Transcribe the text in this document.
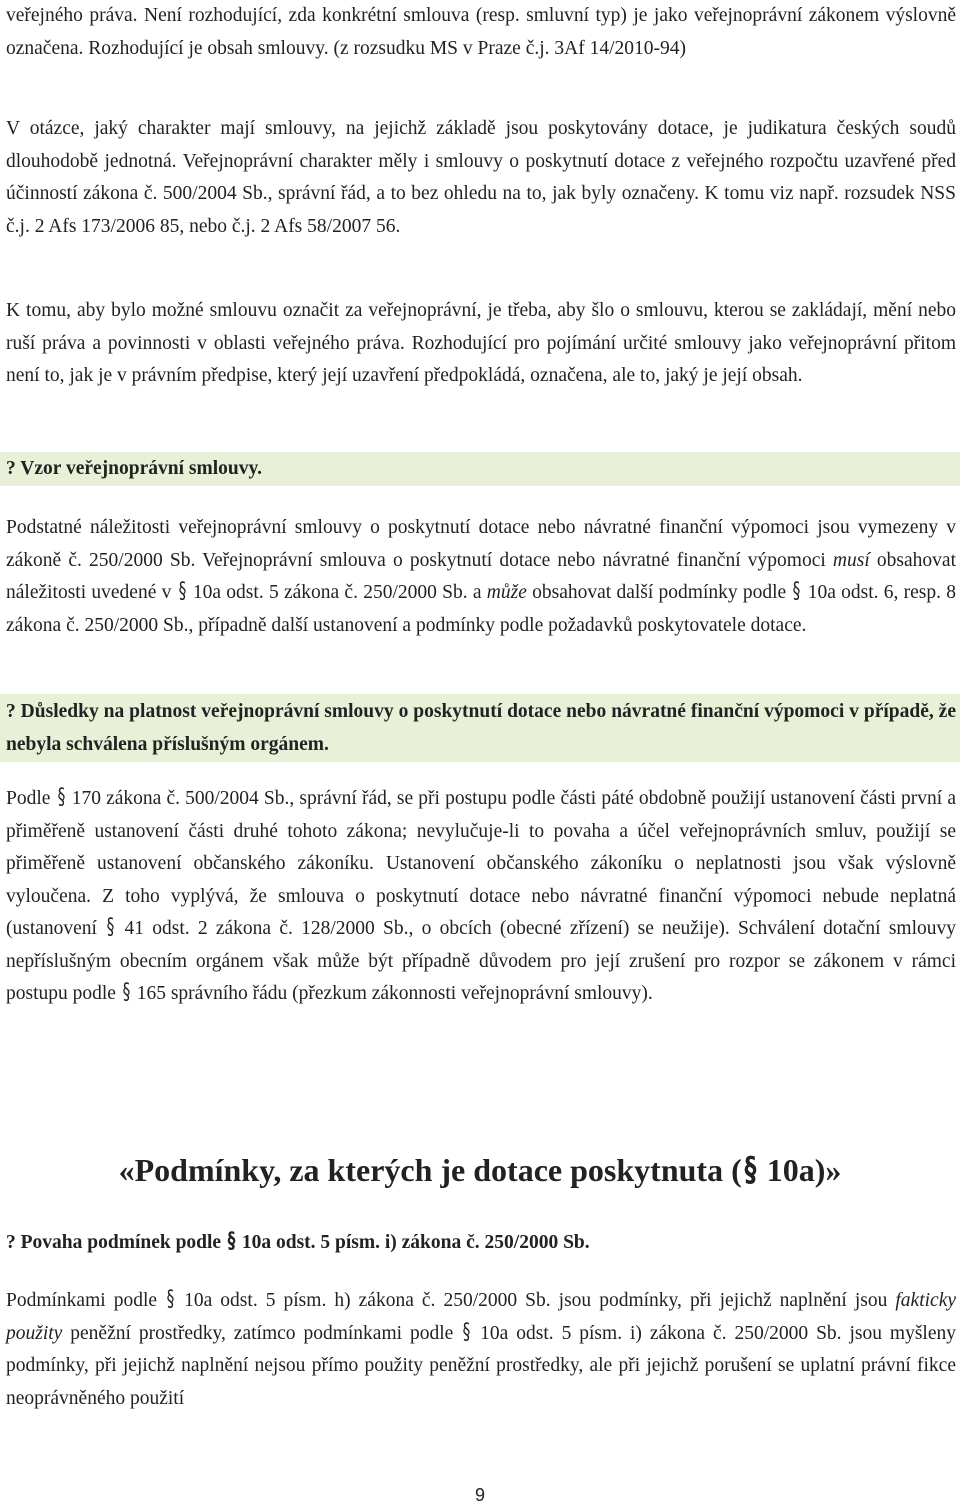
veřejného práva. Není rozhodující, zda konkrétní smlouva (resp. smluvní typ) je jako veřejnoprávní zákonem výslovně označena. Rozhodující je obsah smlouvy. (z rozsudku MS v Praze č.j. 3Af 14/2010-94)

V otázce, jaký charakter mají smlouvy, na jejichž základě jsou poskytovány dotace, je judikatura českých soudů dlouhodobě jednotná. Veřejnoprávní charakter měly i smlouvy o poskytnutí dotace z veřejného rozpočtu uzavřené před účinností zákona č. 500/2004 Sb., správní řád, a to bez ohledu na to, jak byly označeny. K tomu viz např. rozsudek NSS č.j. 2 Afs 173/2006 85, nebo č.j. 2 Afs 58/2007 56.

K tomu, aby bylo možné smlouvu označit za veřejnoprávní, je třeba, aby šlo o smlouvu, kterou se zakládají, mění nebo ruší práva a povinnosti v oblasti veřejného práva. Rozhodující pro pojímání určité smlouvy jako veřejnoprávní přitom není to, jak je v právním předpise, který její uzavření předpokládá, označena, ale to, jaký je její obsah.

? Vzor veřejnoprávní smlouvy.

Podstatné náležitosti veřejnoprávní smlouvy o poskytnutí dotace nebo návratné finanční výpomoci jsou vymezeny v zákoně č. 250/2000 Sb. Veřejnoprávní smlouva o poskytnutí dotace nebo návratné finanční výpomoci musí obsahovat náležitosti uvedené v § 10a odst. 5 zákona č. 250/2000 Sb. a může obsahovat další podmínky podle § 10a odst. 6, resp. 8 zákona č. 250/2000 Sb., případně další ustanovení a podmínky podle požadavků poskytovatele dotace.

? Důsledky na platnost veřejnoprávní smlouvy o poskytnutí dotace nebo návratné finanční výpomoci v případě, že nebyla schválena příslušným orgánem.

Podle § 170 zákona č. 500/2004 Sb., správní řád, se při postupu podle části páté obdobně použijí ustanovení části první a přiměřeně ustanovení části druhé tohoto zákona; nevylučuje-li to povaha a účel veřejnoprávních smluv, použijí se přiměřeně ustanovení občanského zákoníku. Ustanovení občanského zákoníku o neplatnosti jsou však výslovně vyloučena. Z toho vyplývá, že smlouva o poskytnutí dotace nebo návratné finanční výpomoci nebude neplatná (ustanovení § 41 odst. 2 zákona č. 128/2000 Sb., o obcích (obecné zřízení) se neužije). Schválení dotační smlouvy nepříslušným obecním orgánem však může být případně důvodem pro její zrušení pro rozpor se zákonem v rámci postupu podle § 165 správního řádu (přezkum zákonnosti veřejnoprávní smlouvy).

«Podmínky, za kterých je dotace poskytnuta (§ 10a)»
? Povaha podmínek podle § 10a odst. 5 písm. i) zákona č. 250/2000 Sb.

Podmínkami podle § 10a odst. 5 písm. h) zákona č. 250/2000 Sb. jsou podmínky, při jejichž naplnění jsou fakticky použity peněžní prostředky, zatímco podmínkami podle § 10a odst. 5 písm. i) zákona č. 250/2000 Sb. jsou myšleny podmínky, při jejichž naplnění nejsou přímo použity peněžní prostředky, ale při jejichž porušení se uplatní právní fikce neoprávněného použití

9
